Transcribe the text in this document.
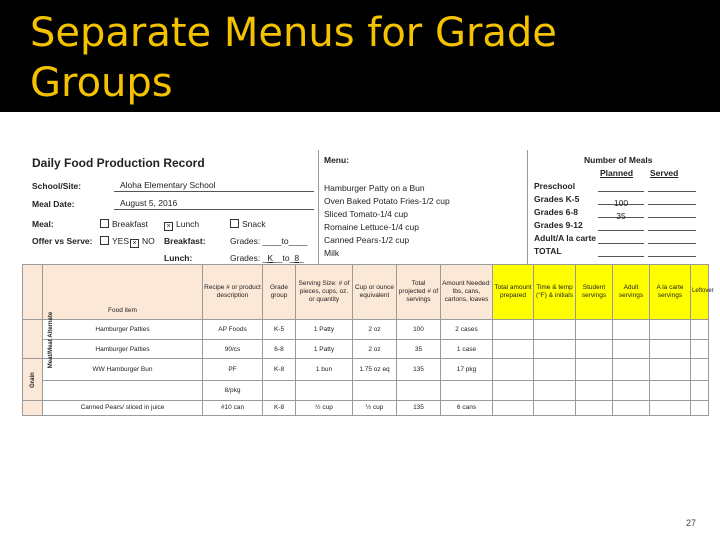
Separate Menus for Grade Groups
Daily Food Production Record
School/Site:	Aloha Elementary School
Meal Date:	August 5, 2016
Meal:	Breakfast	× Lunch	Snack
Offer vs Serve:	YES × NO Breakfast:	Grades: ____to____
Lunch:	Grades: _K__to_8_
Menu:
Hamburger Patty on a Bun
Oven Baked Potato Fries-1/2 cup
Sliced Tomato-1/4 cup
Romaine Lettuce-1/4 cup
Canned Pears-1/2 cup
Milk
Number of Meals
Planned Served
Preschool
Grades K-5	100
Grades 6-8	35
Grades 9-12
Adult/A la carte
TOTAL
	Food item	Recipe # or product description	Grade group	Serving Size: # of pieces, cups, oz. or quantity	Cup or ounce equivalent	Total projected # of servings	Amount Needed: lbs, cans, cartons, loaves	Total amount prepared	Time & temp (°F) & initials	Student servings	Adult servings	A la carte servings	Leftover
Meat/Meat Alternate	Hamburger Patties	AP Foods	K-5	1 Patty	2 oz	100	2 cases						
	Hamburger Patties	90/cs	6-8	1 Patty	2 oz	35	1 case						
Grain	WW Hamburger Bun	PF	K-8	1 bun	1.75 oz eq	135	17 pkg						
		8/pkg											
	Canned Pears/ sliced in juice	#10 can	K-8	½ cup	½ cup	135	6 cans						
27
